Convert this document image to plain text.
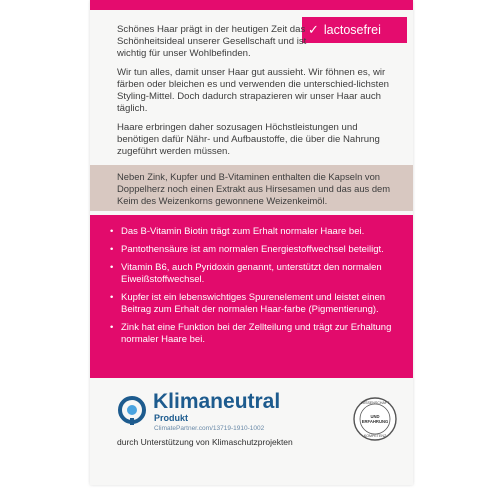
✓ lactosefrei

Schönes Haar prägt in der heutigen Zeit das Schönheitsideal unserer Gesellschaft und ist wichtig für unser Wohlbefinden.

Wir tun alles, damit unser Haar gut aussieht. Wir föhnen es, wir färben oder bleichen es und verwenden die unterschied-lichsten Styling-Mittel. Doch dadurch strapazieren wir unser Haar auch täglich.

Haare erbringen daher sozusagen Höchstleistungen und benötigen dafür Nähr- und Aufbaustoffe, die über die Nahrung zugeführt werden müssen.

Neben Zink, Kupfer und B-Vitaminen enthalten die Kapseln von Doppelherz noch einen Extrakt aus Hirsesamen und das aus dem Keim des Weizenkorns gewonnene Weizenkeimöl.
• Das B-Vitamin Biotin trägt zum Erhalt normaler Haare bei.
• Pantothensäure ist am normalen Energiestoffwechsel beteiligt.
• Vitamin B6, auch Pyridoxin genannt, unterstützt den normalen Eiweißstoffwechsel.
• Kupfer ist ein lebenswichtiges Spurenelement und leistet einen Beitrag zum Erhalt der normalen Haar-farbe (Pigmentierung).
• Zink hat eine Funktion bei der Zellteilung und trägt zur Erhaltung normaler Haare bei.
Klimaneutral
Produkt
ClimatePartner.com/13719-1910-1002
durch Unterstützung von Klimaschutzprojekten
WISSENSCHAFT
UND
ERFAHRUNG
KOMPETENZ
